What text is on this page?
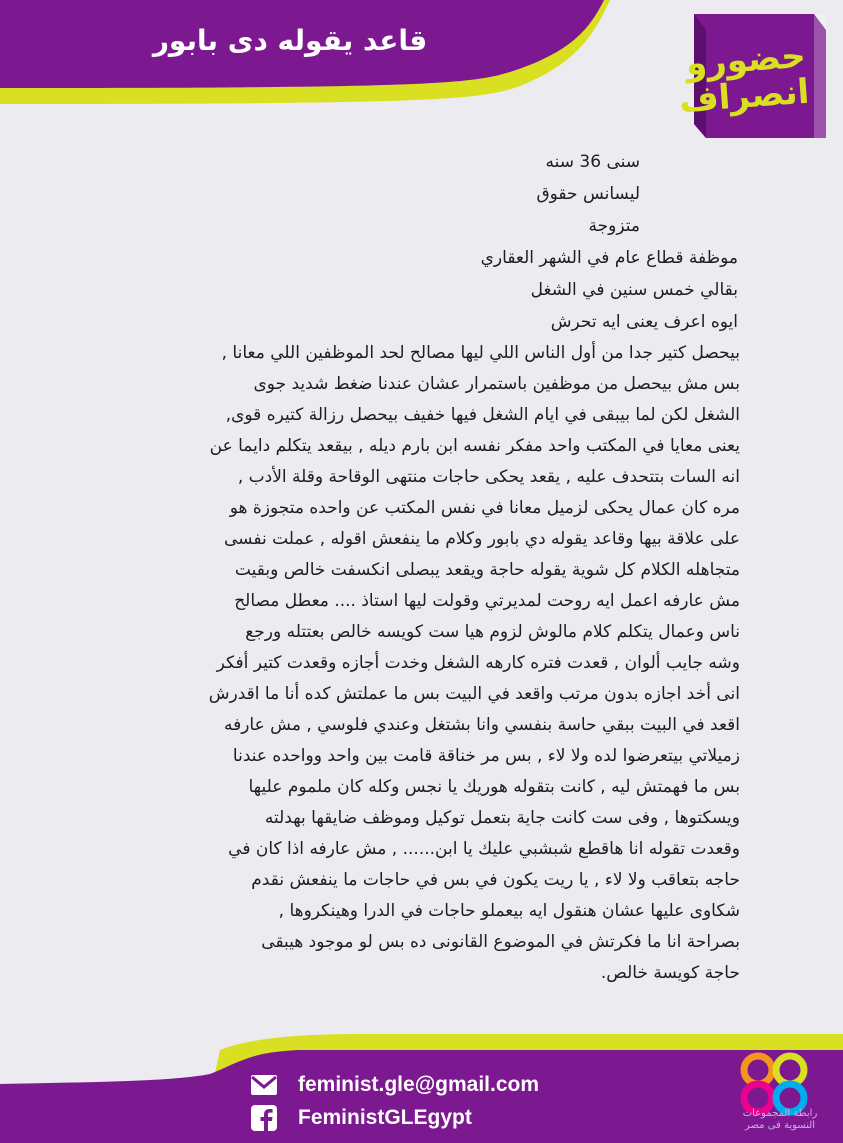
قاعد يقوله دى بابور	حضورو
انصراف
سنى 36 سنه
ليسانس حقوق
متزوجة
موظفة قطاع عام في الشهر العقاري
بقالي خمس سنين في الشغل
ايوه اعرف يعنى ايه تحرش
بيحصل كتير جدا من أول الناس اللي ليها مصالح لحد الموظفين اللي معانا ,
بس مش بيحصل من موظفين باستمرار عشان عندنا ضغط شديد جوى
الشغل لكن لما بيبقى في ايام الشغل فيها خفيف بيحصل رزالة كتيره قوى,
يعنى معايا في المكتب واحد مفكر نفسه ابن بارم ديله , بيقعد يتكلم دايما عن
انه السات بتتحدف عليه , يقعد يحكى حاجات منتهى الوقاحة وقلة الأدب ,
مره كان عمال يحكى لزميل معانا في نفس المكتب عن واحده متجوزة هو
على علاقة بيها وقاعد يقوله دي بابور وكلام ما ينفعش اقوله , عملت نفسى
متجاهله الكلام كل شوية يقوله حاجة ويقعد يبصلى انكسفت خالص وبقيت
مش عارفه اعمل ايه روحت لمديرتي وقولت ليها استاذ .... معطل مصالح
ناس وعمال يتكلم كلام مالوش لزوم هيا ست كويسه خالص بعتتله ورجع
وشه جايب ألوان , قعدت فتره كارهه الشغل وخدت أجازه وقعدت كتير أفكر
انى أخد اجازه بدون مرتب واقعد في البيت بس ما عملتش كده أنا ما اقدرش
اقعد في البيت ببقي حاسة بنفسي وانا بشتغل وعندي فلوسي , مش عارفه
زميلاتي بيتعرضوا لده ولا لاء , بس مر خناقة قامت بين واحد وواحده عندنا
بس ما فهمتش ليه , كانت بتقوله هوريك يا نجس وكله كان ملموم عليها
ويسكتوها , وفى ست كانت جاية بتعمل توكيل وموظف ضايقها بهدلته
وقعدت تقوله انا هاقطع شبشبي عليك يا ابن...... , مش عارفه اذا كان في
حاجه بتعاقب ولا لاء , يا ريت يكون في بس في حاجات ما ينفعش نقدم
شكاوى عليها عشان هنقول ايه بيعملو حاجات في الدرا وهينكروها ,
بصراحة انا ما فكرتش في الموضوع القانونى ده بس لو موجود هيبقى
حاجة كويسة خالص.
feminist.gle@gmail.com
FeministGLEgypt	رابطة المجموعات
النسوية فى مصر
